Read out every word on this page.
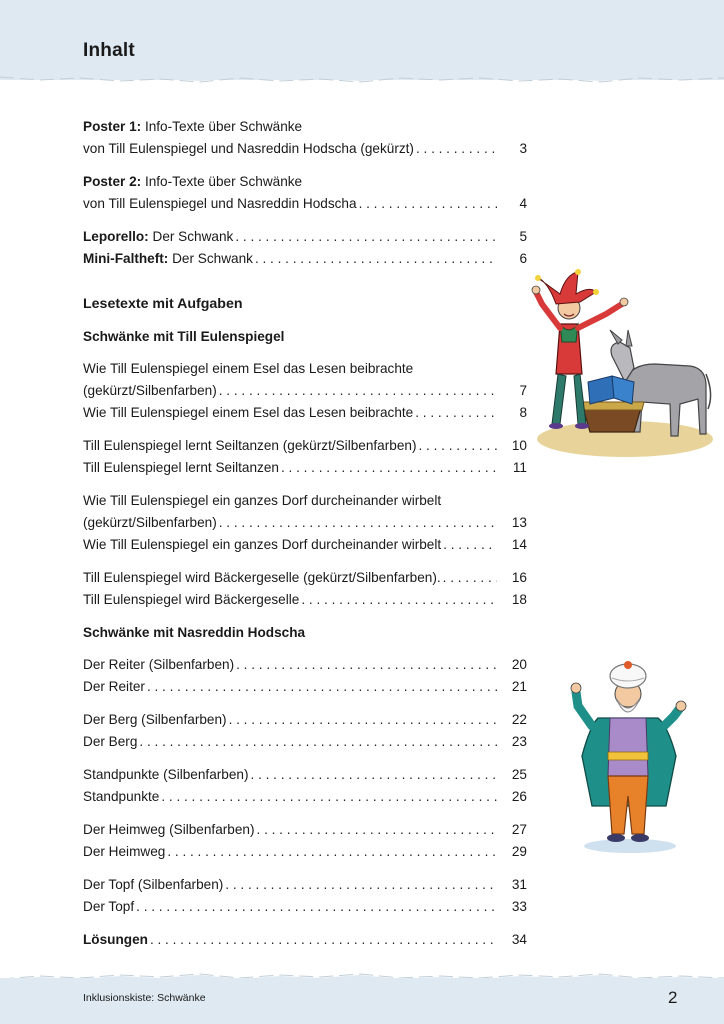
Inhalt
Poster 1: Info-Texte über Schwänke
von Till Eulenspiegel und Nasreddin Hodscha (gekürzt) . . .	3
Poster 2: Info-Texte über Schwänke
von Till Eulenspiegel und Nasreddin Hodscha . . .	4
Leporello: Der Schwank . . .	5
Mini-Faltheft: Der Schwank . . .	6
Lesetexte mit Aufgaben
Schwänke mit Till Eulenspiegel
Wie Till Eulenspiegel einem Esel das Lesen beibrachte
(gekürzt/Silbenfarben) . . .	7
Wie Till Eulenspiegel einem Esel das Lesen beibrachte . . .	8
Till Eulenspiegel lernt Seiltanzen (gekürzt/Silbenfarben) . . .	10
Till Eulenspiegel lernt Seiltanzen . . .	11
Wie Till Eulenspiegel ein ganzes Dorf durcheinander wirbelt
(gekürzt/Silbenfarben) . . .	13
Wie Till Eulenspiegel ein ganzes Dorf durcheinander wirbelt . . .	14
Till Eulenspiegel wird Bäckergeselle (gekürzt/Silbenfarben). . . .	16
Till Eulenspiegel wird Bäckergeselle . . .	18
Schwänke mit Nasreddin Hodscha
Der Reiter (Silbenfarben) . . .	20
Der Reiter . . .	21
Der Berg (Silbenfarben) . . .	22
Der Berg . . .	23
Standpunkte (Silbenfarben) . . .	25
Standpunkte . . .	26
Der Heimweg (Silbenfarben) . . .	27
Der Heimweg . . .	29
Der Topf (Silbenfarben) . . .	31
Der Topf . . .	33
Lösungen . . .	34
Inklusionskiste: Schwänke	2
